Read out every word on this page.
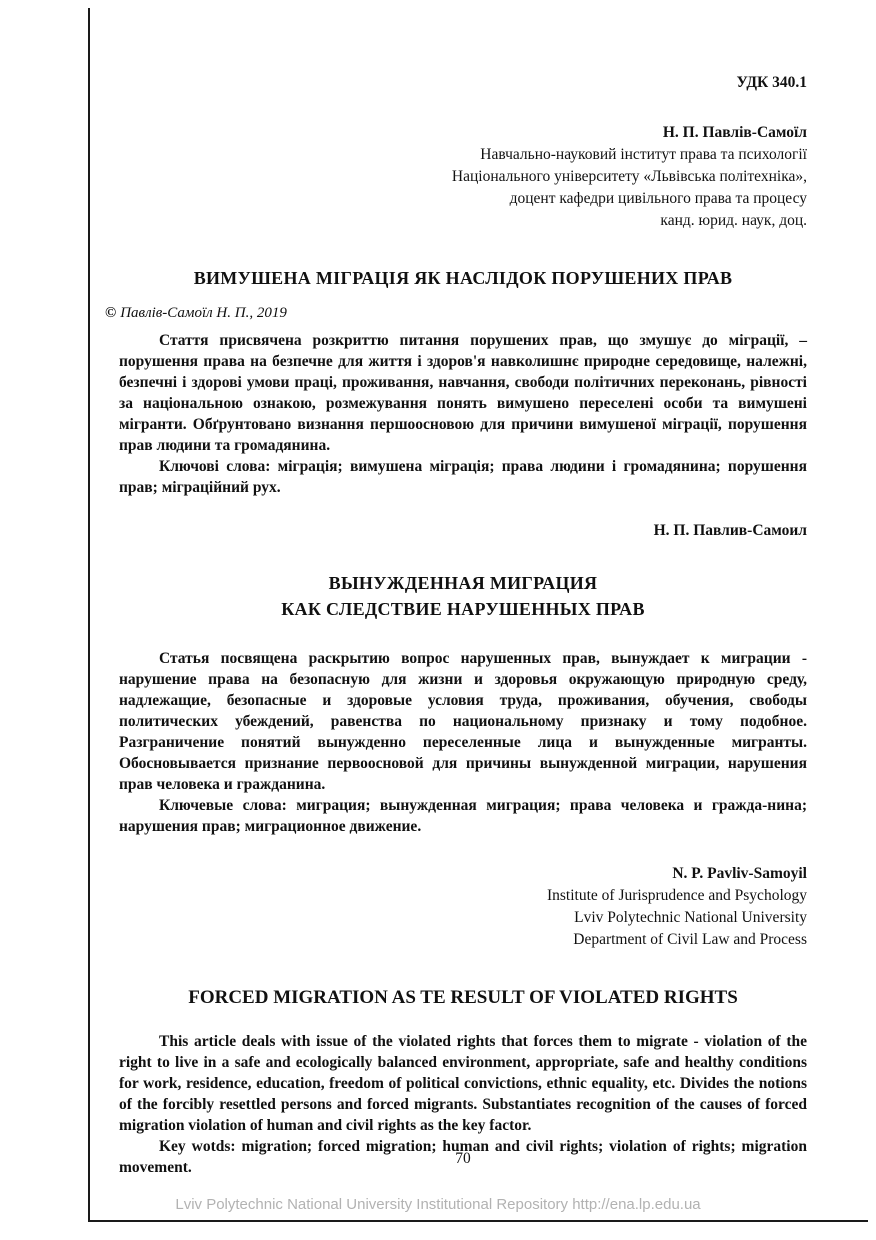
УДК 340.1

Н. П. Павлів-Самоїл

Навчально-науковий інститут права та психології

Національного університету «Львівська політехніка»,

доцент кафедри цивільного права та процесу

канд. юрид. наук, доц.

ВИМУШЕНА МІГРАЦІЯ ЯК НАСЛІДОК ПОРУШЕНИХ ПРАВ

© Павлів-Самоїл Н. П., 2019

Стаття присвячена розкриттю питання порушених прав, що змушує до міграції, – порушення права на безпечне для життя і здоров'я навколишнє природне середовище, належні, безпечні і здорові умови праці, проживання, навчання, свободи політичних переконань, рівності за національною ознакою, розмежування понять вимушено переселені особи та вимушені мігранти. Обґрунтовано визнання першоосновою для причини вимушеної міграції, порушення прав людини та громадянина.

Ключові слова: міграція; вимушена міграція; права людини і громадянина; порушення прав; міграційний рух.

Н. П. Павлив-Самоил

ВЫНУЖДЕННАЯ МИГРАЦИЯ

КАК СЛЕДСТВИЕ НАРУШЕННЫХ ПРАВ

Статья посвящена раскрытию вопрос нарушенных прав, вынуждает к миграции - нарушение права на безопасную для жизни и здоровья окружающую природную среду, надлежащие, безопасные и здоровые условия труда, проживания, обучения, свободы политических убеждений, равенства по национальному признаку и тому подобное. Разграничение понятий вынужденно переселенные лица и вынужденные мигранты. Обосновывается признание первоосновой для причины вынужденной миграции, нарушения прав человека и гражданина.

Ключевые слова: миграция; вынужденная миграция; права человека и гражда-нина; нарушения прав; миграционное движение.

N. P. Pavliv-Samoyil

Institute of Jurisprudence and Psychology

Lviv Polytechnic National University

Department of Civil Law and Process

FORCED MIGRATION AS TE RESULT OF VIOLATED RIGHTS

This article deals with issue of the violated rights that forces them to migrate - violation of the right to live in a safe and ecologically balanced environment, appropriate, safe and healthy conditions for work, residence, education, freedom of political convictions, ethnic equality, etc. Divides the notions of the forcibly resettled persons and forced migrants. Substantiates recognition of the causes of forced migration violation of human and civil rights as the key factor.

Key wotds: migration; forced migration; human and civil rights; violation of rights; migration movement.

70

Lviv Polytechnic National University Institutional Repository http://ena.lp.edu.ua
